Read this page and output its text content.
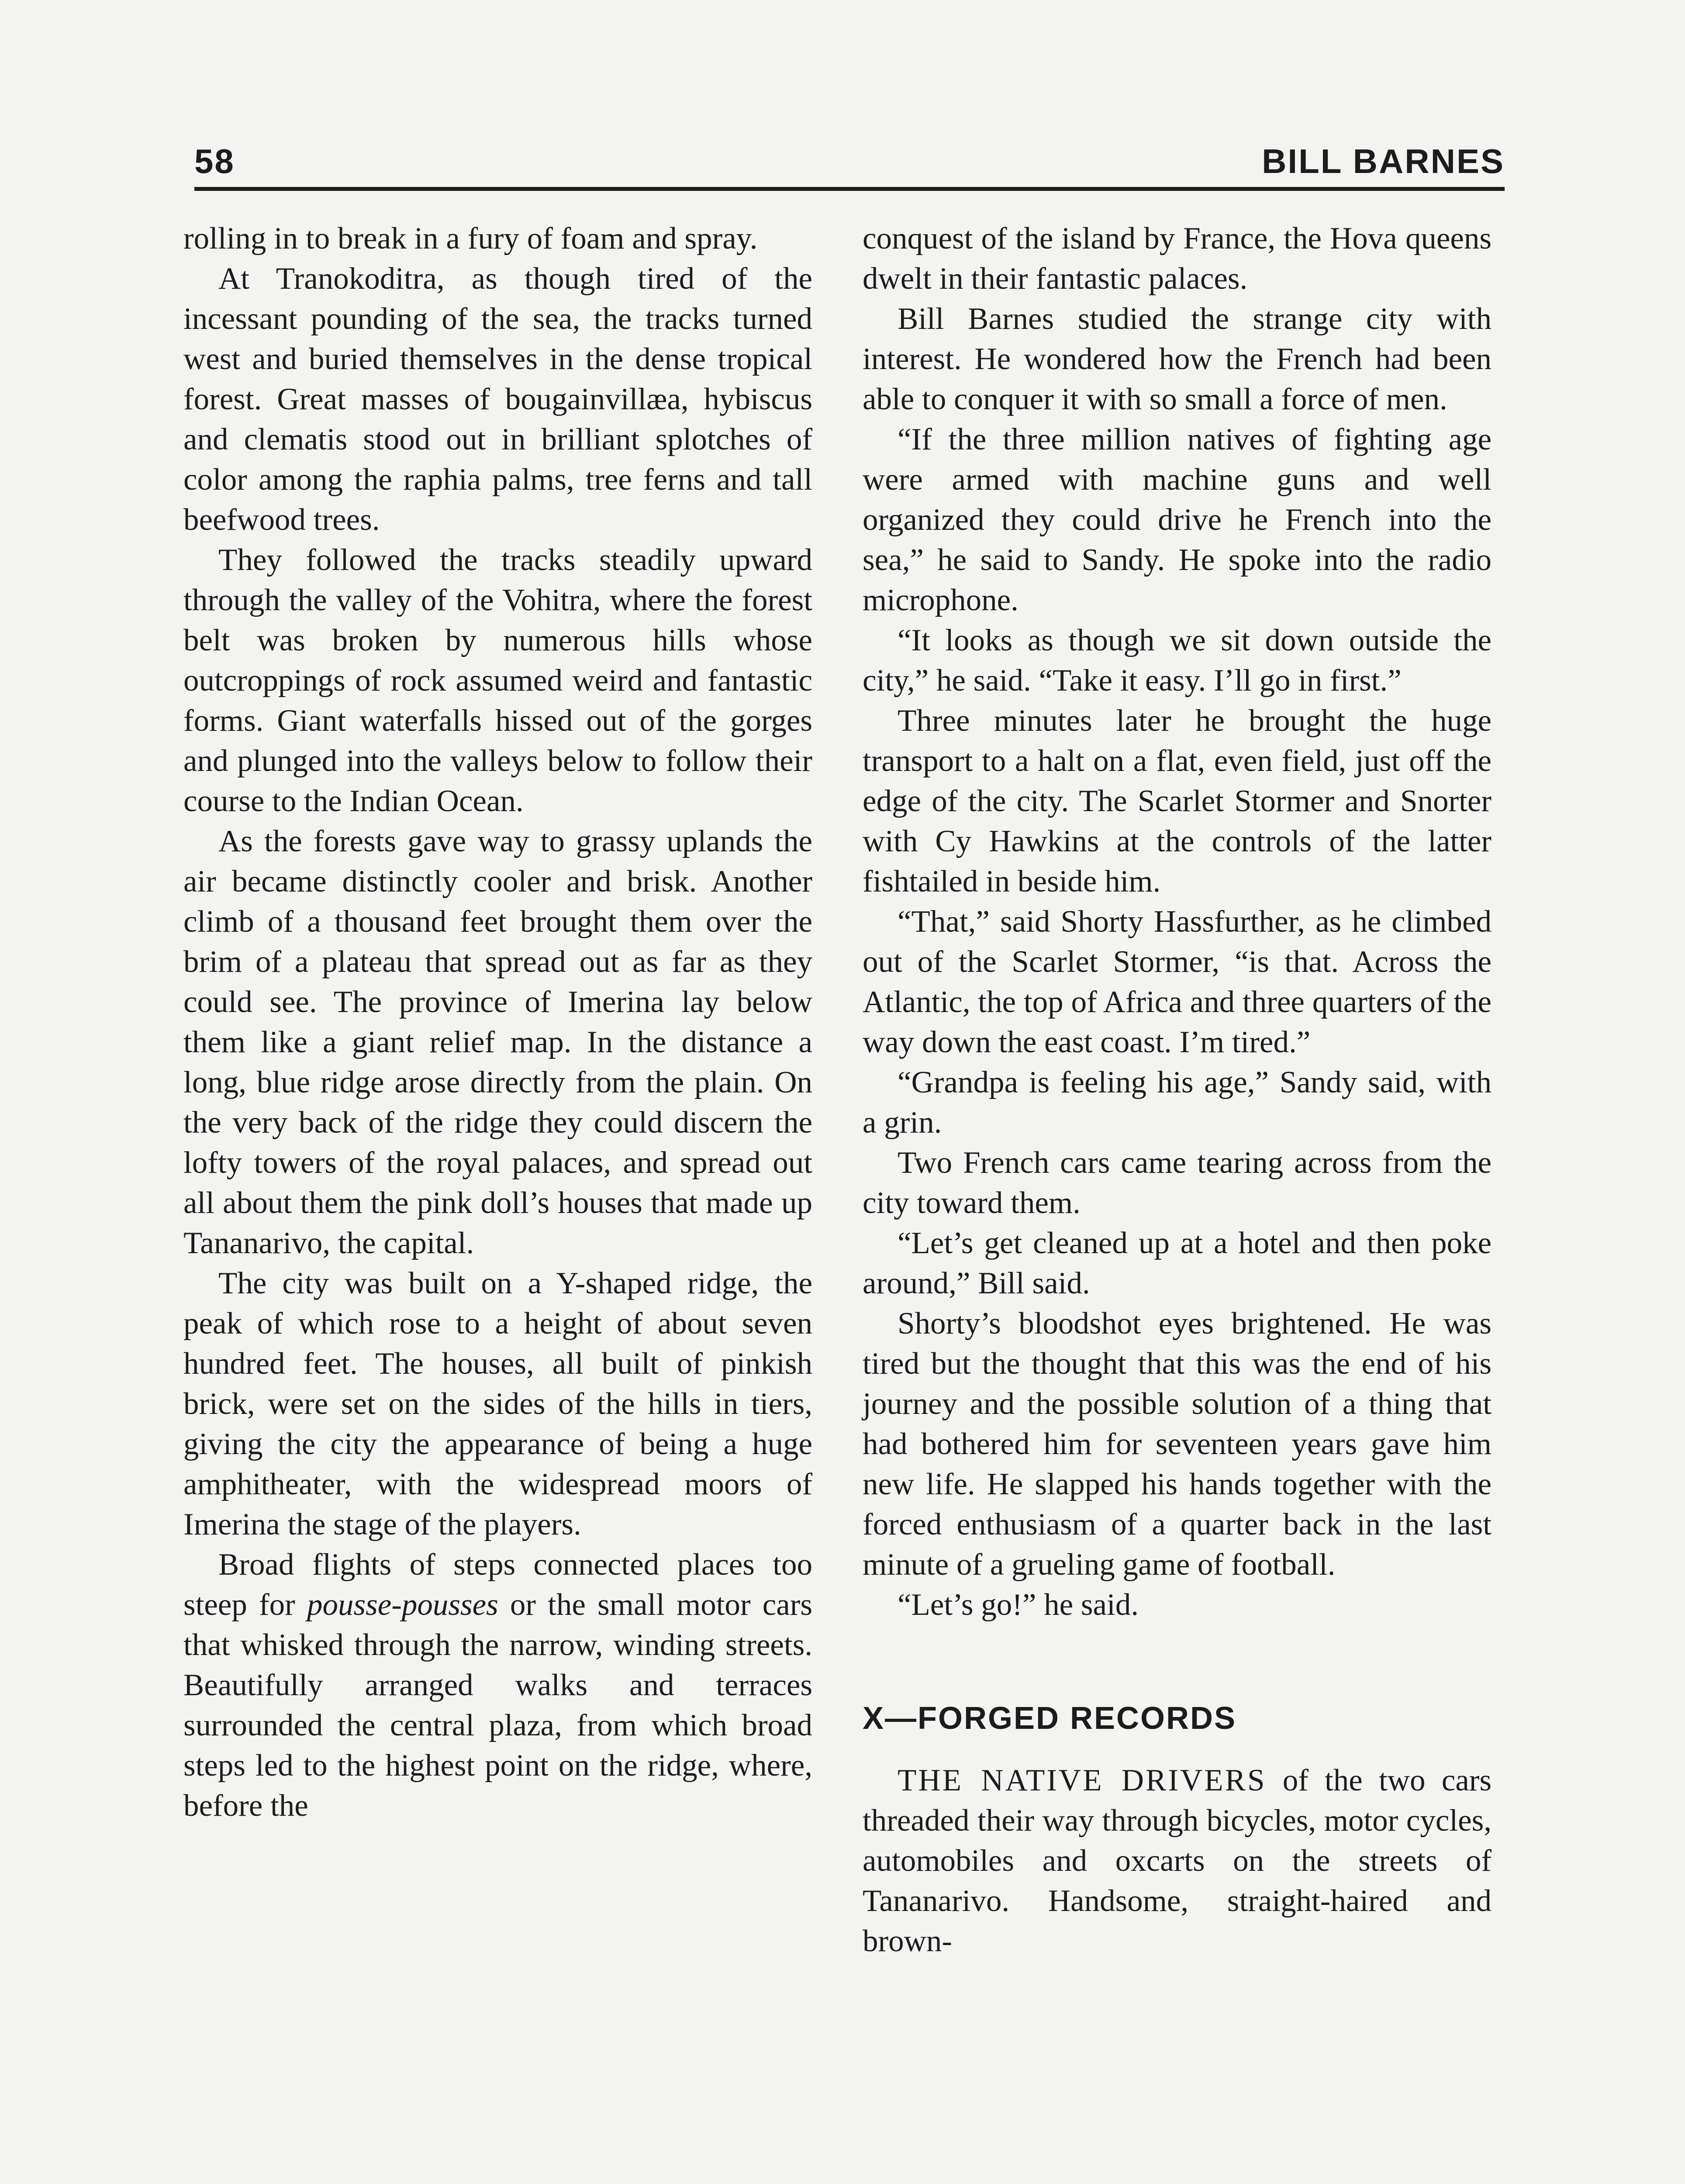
58	BILL BARNES

rolling in to break in a fury of foam and spray.

At Tranokoditra, as though tired of the incessant pounding of the sea, the tracks turned west and buried themselves in the dense tropical forest. Great masses of bougainvillæa, hybiscus and clematis stood out in brilliant splotches of color among the raphia palms, tree ferns and tall beefwood trees.

They followed the tracks steadily upward through the valley of the Vohitra, where the forest belt was broken by numerous hills whose outcroppings of rock assumed weird and fantastic forms. Giant waterfalls hissed out of the gorges and plunged into the valleys below to follow their course to the Indian Ocean.

As the forests gave way to grassy uplands the air became distinctly cooler and brisk. Another climb of a thousand feet brought them over the brim of a plateau that spread out as far as they could see. The province of Imerina lay below them like a giant relief map. In the distance a long, blue ridge arose directly from the plain. On the very back of the ridge they could discern the lofty towers of the royal palaces, and spread out all about them the pink doll’s houses that made up Tananarivo, the capital.

The city was built on a Y-shaped ridge, the peak of which rose to a height of about seven hundred feet. The houses, all built of pinkish brick, were set on the sides of the hills in tiers, giving the city the appearance of being a huge amphitheater, with the widespread moors of Imerina the stage of the players.

Broad flights of steps connected places too steep for pousse-pousses or the small motor cars that whisked through the narrow, winding streets. Beautifully arranged walks and terraces surrounded the central plaza, from which broad steps led to the highest point on the ridge, where, before the

conquest of the island by France, the Hova queens dwelt in their fantastic palaces.

Bill Barnes studied the strange city with interest. He wondered how the French had been able to conquer it with so small a force of men.

“If the three million natives of fighting age were armed with machine guns and well organized they could drive he French into the sea,” he said to Sandy. He spoke into the radio microphone.

“It looks as though we sit down outside the city,” he said. “Take it easy. I’ll go in first.”

Three minutes later he brought the huge transport to a halt on a flat, even field, just off the edge of the city. The Scarlet Stormer and Snorter with Cy Hawkins at the controls of the latter fishtailed in beside him.

“That,” said Shorty Hassfurther, as he climbed out of the Scarlet Stormer, “is that. Across the Atlantic, the top of Africa and three quarters of the way down the east coast. I’m tired.”

“Grandpa is feeling his age,” Sandy said, with a grin.

Two French cars came tearing across from the city toward them.

“Let’s get cleaned up at a hotel and then poke around,” Bill said.

Shorty’s bloodshot eyes brightened. He was tired but the thought that this was the end of his journey and the possible solution of a thing that had bothered him for seventeen years gave him new life. He slapped his hands together with the forced enthusiasm of a quarter back in the last minute of a grueling game of football.

“Let’s go!” he said.

X—FORGED RECORDS

THE NATIVE DRIVERS of the two cars threaded their way through bicycles, motor cycles, automobiles and oxcarts on the streets of Tananarivo. Handsome, straight-haired and brown-
